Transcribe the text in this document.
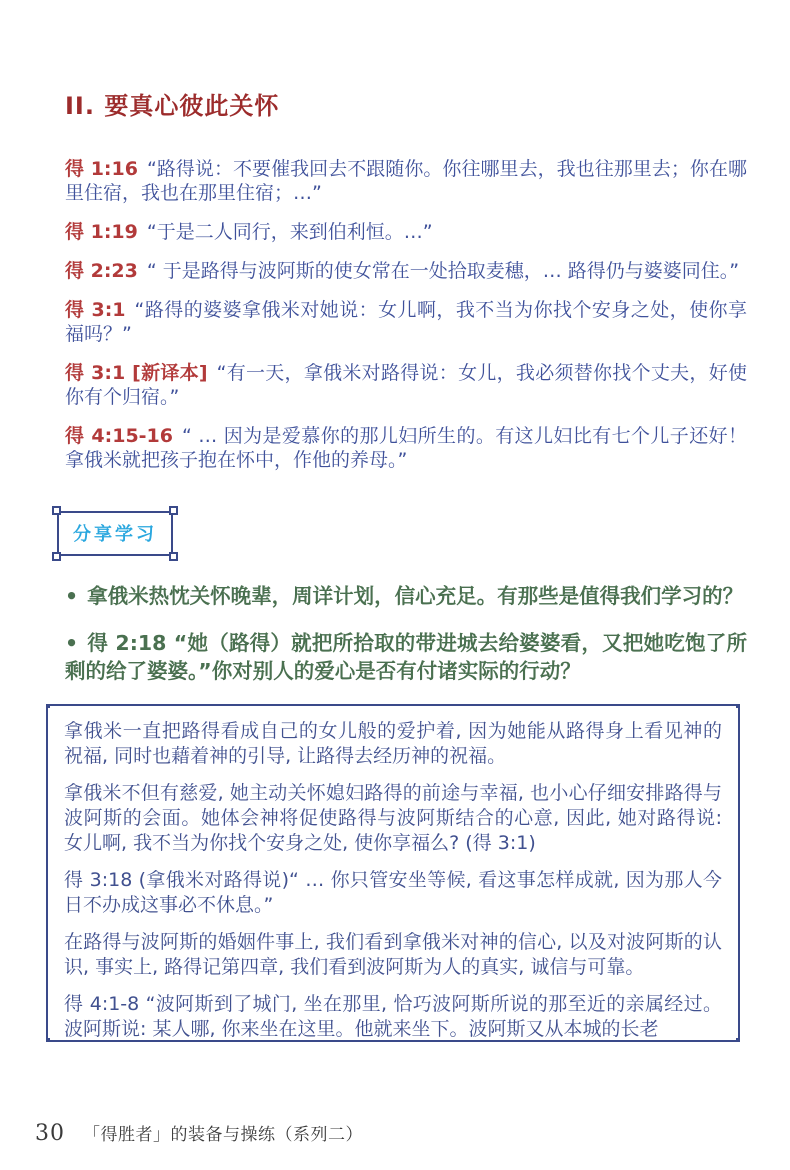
II. 要真心彼此关怀

得 1:16 “路得说：不要催我回去不跟随你。你往哪里去，我也往那里去；你在哪里住宿，我也在那里住宿；…”

得 1:19 “于是二人同行，来到伯利恒。…”

得 2:23 “ 于是路得与波阿斯的使女常在一处拾取麦穗，… 路得仍与婆婆同住。”

得 3:1 “路得的婆婆拿俄米对她说：女儿啊，我不当为你找个安身之处，使你享福吗？”

得 3:1 [新译本] “有一天，拿俄米对路得说：女儿，我必须替你找个丈夫，好使你有个归宿。”

得 4:15-16 “ … 因为是爱慕你的那儿妇所生的。有这儿妇比有七个儿子还好！拿俄米就把孩子抱在怀中，作他的养母。”

分享学习

• 拿俄米热忱关怀晚辈，周详计划，信心充足。有那些是值得我们学习的？

• 得 2:18 “她（路得）就把所拾取的带进城去给婆婆看，又把她吃饱了所剩的给了婆婆。”你对别人的爱心是否有付诸实际的行动？

拿俄米一直把路得看成自己的女儿般的爱护着, 因为她能从路得身上看见神的祝福, 同时也藉着神的引导, 让路得去经历神的祝福。

拿俄米不但有慈爱, 她主动关怀媳妇路得的前途与幸福, 也小心仔细安排路得与波阿斯的会面。她体会神将促使路得与波阿斯结合的心意, 因此, 她对路得说: 女儿啊, 我不当为你找个安身之处, 使你享福么? (得 3:1)

得 3:18 (拿俄米对路得说)“ … 你只管安坐等候, 看这事怎样成就, 因为那人今日不办成这事必不休息。”

在路得与波阿斯的婚姻件事上, 我们看到拿俄米对神的信心, 以及对波阿斯的认识, 事实上, 路得记第四章, 我们看到波阿斯为人的真实, 诚信与可靠。

得 4:1-8 “波阿斯到了城门, 坐在那里, 恰巧波阿斯所说的那至近的亲属经过。波阿斯说: 某人哪, 你来坐在这里。他就来坐下。波阿斯又从本城的长老

30 「得胜者」的装备与操练（系列二）
